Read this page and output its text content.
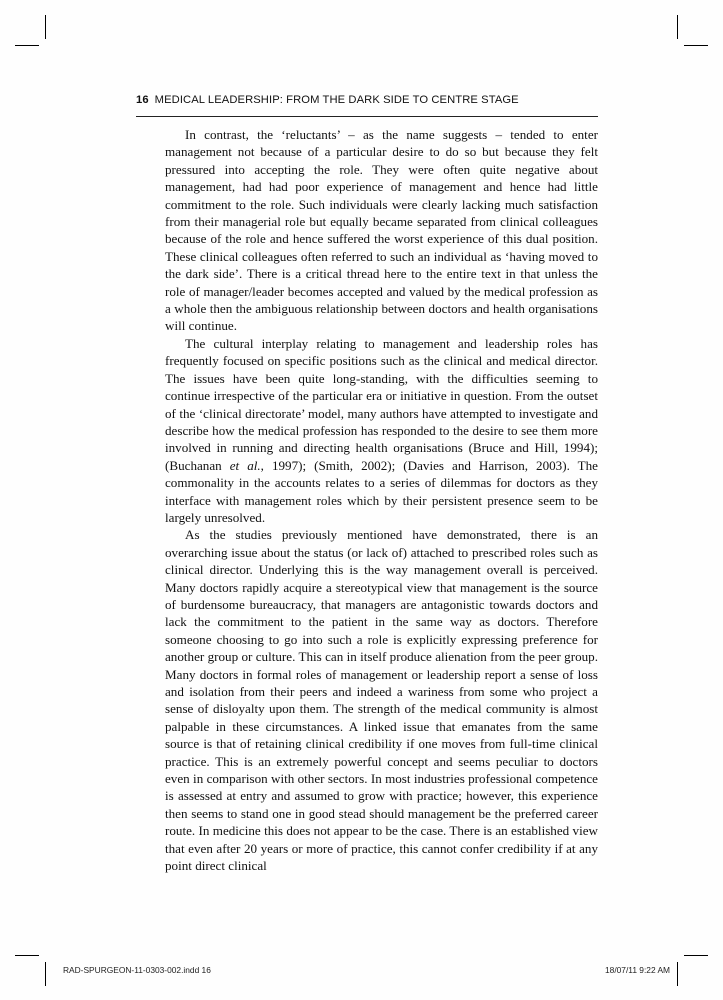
16 MEDICAL LEADERSHIP: FROM THE DARK SIDE TO CENTRE STAGE

In contrast, the ‘reluctants’ – as the name suggests – tended to enter management not because of a particular desire to do so but because they felt pressured into accepting the role. They were often quite negative about management, had had poor experience of management and hence had little commitment to the role. Such individuals were clearly lacking much satisfaction from their managerial role but equally became separated from clinical colleagues because of the role and hence suffered the worst experience of this dual position. These clinical colleagues often referred to such an individual as ‘having moved to the dark side’. There is a critical thread here to the entire text in that unless the role of manager/leader becomes accepted and valued by the medical profession as a whole then the ambiguous relationship between doctors and health organisations will continue.

The cultural interplay relating to management and leadership roles has frequently focused on specific positions such as the clinical and medical director. The issues have been quite long-standing, with the difficulties seeming to continue irrespective of the particular era or initiative in question. From the outset of the ‘clinical directorate’ model, many authors have attempted to investigate and describe how the medical profession has responded to the desire to see them more involved in running and directing health organisations (Bruce and Hill, 1994); (Buchanan et al., 1997); (Smith, 2002); (Davies and Harrison, 2003). The commonality in the accounts relates to a series of dilemmas for doctors as they interface with management roles which by their persistent presence seem to be largely unresolved.

As the studies previously mentioned have demonstrated, there is an overarching issue about the status (or lack of) attached to prescribed roles such as clinical director. Underlying this is the way management overall is perceived. Many doctors rapidly acquire a stereotypical view that management is the source of burdensome bureaucracy, that managers are antagonistic towards doctors and lack the commitment to the patient in the same way as doctors. Therefore someone choosing to go into such a role is explicitly expressing preference for another group or culture. This can in itself produce alienation from the peer group. Many doctors in formal roles of management or leadership report a sense of loss and isolation from their peers and indeed a wariness from some who project a sense of disloyalty upon them. The strength of the medical community is almost palpable in these circumstances. A linked issue that emanates from the same source is that of retaining clinical credibility if one moves from full-time clinical practice. This is an extremely powerful concept and seems peculiar to doctors even in comparison with other sectors. In most industries professional competence is assessed at entry and assumed to grow with practice; however, this experience then seems to stand one in good stead should management be the preferred career route. In medicine this does not appear to be the case. There is an established view that even after 20 years or more of practice, this cannot confer credibility if at any point direct clinical

RAD-SPURGEON-11-0303-002.indd 16	18/07/11 9:22 AM
